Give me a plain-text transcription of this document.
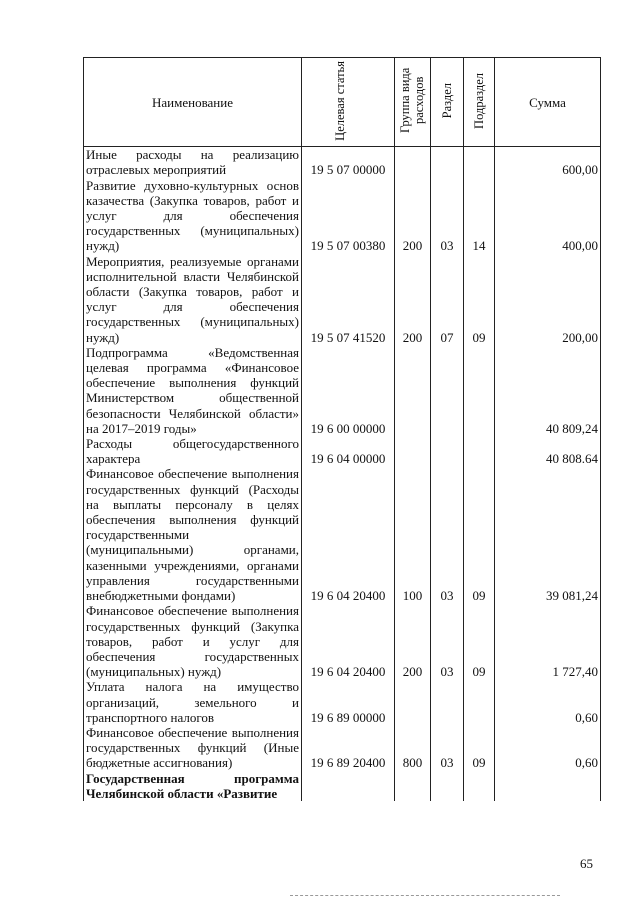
Наименование	Целевая статья	Группа вида расходов	Раздел	Подраздел	Сумма
Иные расходы на реализацию отраслевых мероприятий	19 5 07 00000				600,00
Развитие духовно-культурных основ казачества (Закупка товаров, работ и услуг для обеспечения государственных (муниципальных) нужд)	19 5 07 00380	200	03	14	400,00
Мероприятия, реализуемые органами исполнительной власти Челябинской области (Закупка товаров, работ и услуг для обеспечения государственных (муниципальных) нужд)	19 5 07 41520	200	07	09	200,00
Подпрограмма «Ведомственная целевая программа «Финансовое обеспечение выполнения функций Министерством общественной безопасности Челябинской области» на 2017–2019 годы»	19 6 00 00000				40 809,24
Расходы общегосударственного характера	19 6 04 00000				40 808.64
Финансовое обеспечение выполнения государственных функций (Расходы на выплаты персоналу в целях обеспечения выполнения функций государственными (муниципальными) органами, казенными учреждениями, органами управления государственными внебюджетными фондами)	19 6 04 20400	100	03	09	39 081,24
Финансовое обеспечение выполнения государственных функций (Закупка товаров, работ и услуг для обеспечения государственных (муниципальных) нужд)	19 6 04 20400	200	03	09	1 727,40
Уплата налога на имущество организаций, земельного и транспортного налогов	19 6 89 00000				0,60
Финансовое обеспечение выполнения государственных функций (Иные бюджетные ассигнования)	19 6 89 20400	800	03	09	0,60
Государственная программа Челябинской области «Развитие					
65
